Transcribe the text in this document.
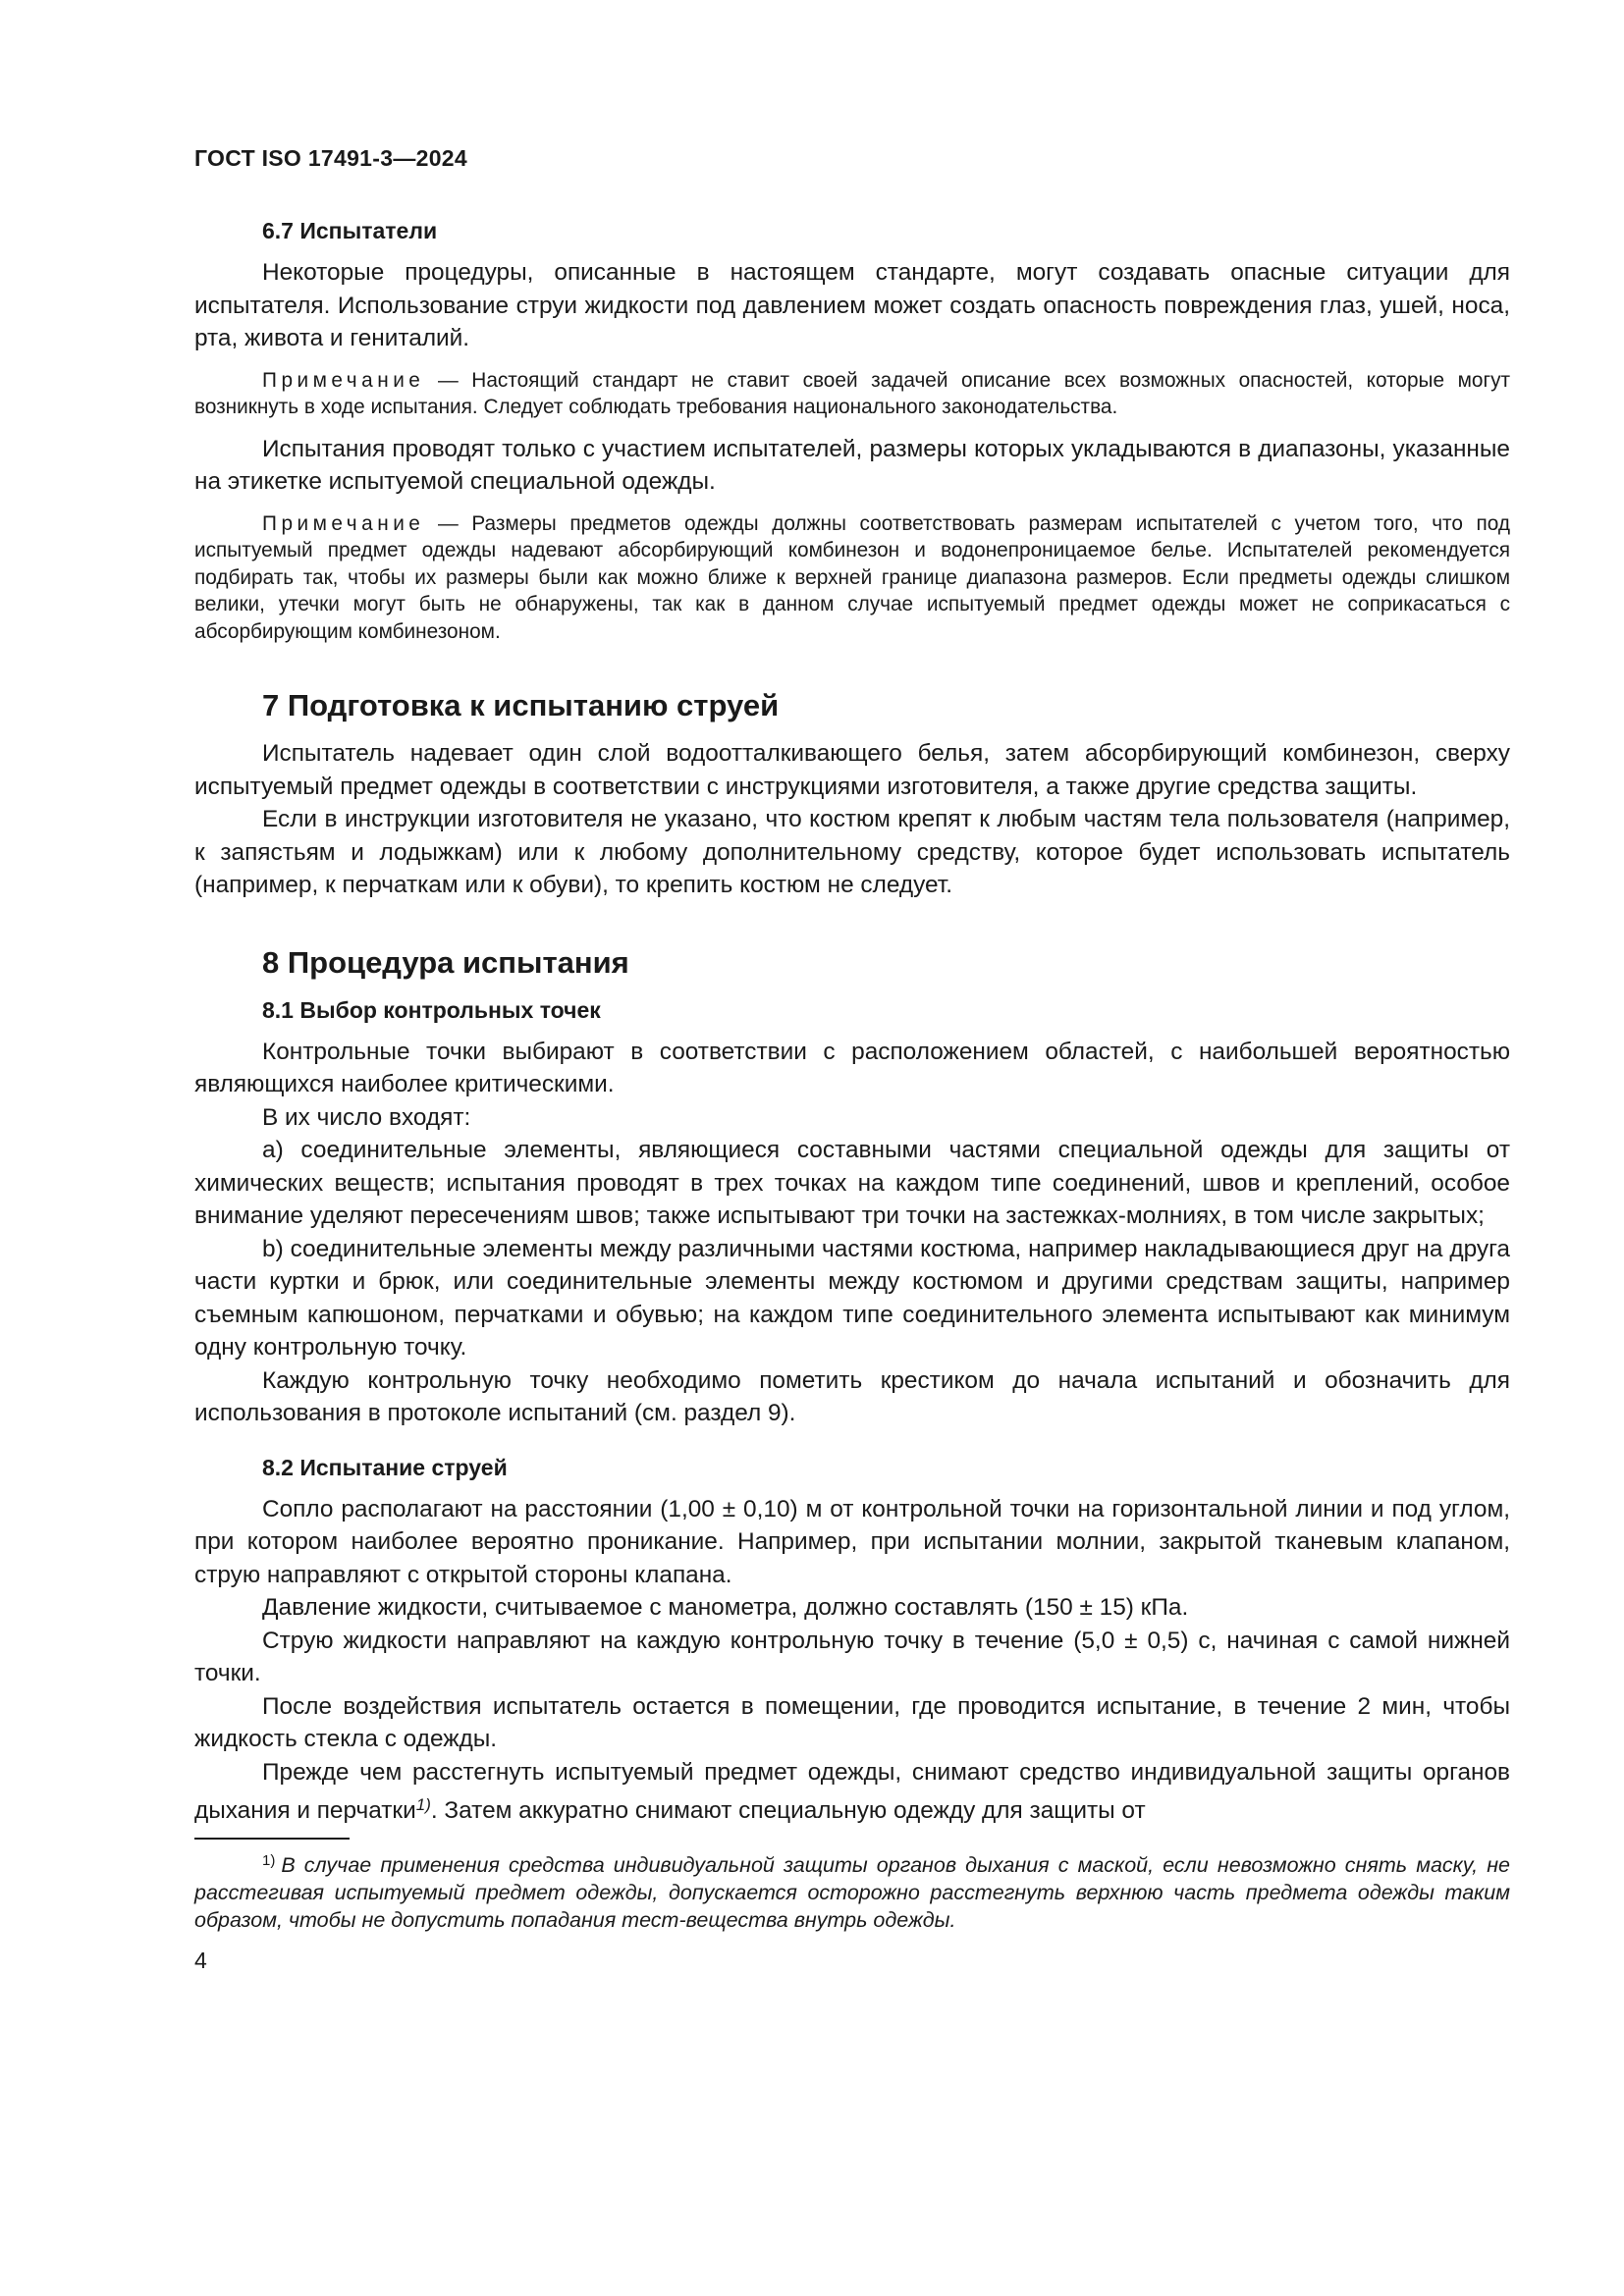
ГОСТ ISO 17491-3—2024
6.7 Испытатели

Некоторые процедуры, описанные в настоящем стандарте, могут создавать опасные ситуации для испытателя. Использование струи жидкости под давлением может создать опасность повреждения глаз, ушей, носа, рта, живота и гениталий.

Примечание — Настоящий стандарт не ставит своей задачей описание всех возможных опасностей, которые могут возникнуть в ходе испытания. Следует соблюдать требования национального законодательства.

Испытания проводят только с участием испытателей, размеры которых укладываются в диапазоны, указанные на этикетке испытуемой специальной одежды.

Примечание — Размеры предметов одежды должны соответствовать размерам испытателей с учетом того, что под испытуемый предмет одежды надевают абсорбирующий комбинезон и водонепроницаемое белье. Испытателей рекомендуется подбирать так, чтобы их размеры были как можно ближе к верхней границе диапазона размеров. Если предметы одежды слишком велики, утечки могут быть не обнаружены, так как в данном случае испытуемый предмет одежды может не соприкасаться с абсорбирующим комбинезоном.

7 Подготовка к испытанию струей

Испытатель надевает один слой водоотталкивающего белья, затем абсорбирующий комбинезон, сверху испытуемый предмет одежды в соответствии с инструкциями изготовителя, а также другие средства защиты.

Если в инструкции изготовителя не указано, что костюм крепят к любым частям тела пользователя (например, к запястьям и лодыжкам) или к любому дополнительному средству, которое будет использовать испытатель (например, к перчаткам или к обуви), то крепить костюм не следует.

8 Процедура испытания
8.1 Выбор контрольных точек

Контрольные точки выбирают в соответствии с расположением областей, с наибольшей вероятностью являющихся наиболее критическими.

В их число входят:

a) соединительные элементы, являющиеся составными частями специальной одежды для защиты от химических веществ; испытания проводят в трех точках на каждом типе соединений, швов и креплений, особое внимание уделяют пересечениям швов; также испытывают три точки на застежках-молниях, в том числе закрытых;

b) соединительные элементы между различными частями костюма, например накладывающиеся друг на друга части куртки и брюк, или соединительные элементы между костюмом и другими средствам защиты, например съемным капюшоном, перчатками и обувью; на каждом типе соединительного элемента испытывают как минимум одну контрольную точку.

Каждую контрольную точку необходимо пометить крестиком до начала испытаний и обозначить для использования в протоколе испытаний (см. раздел 9).

8.2 Испытание струей

Сопло располагают на расстоянии (1,00 ± 0,10) м от контрольной точки на горизонтальной линии и под углом, при котором наиболее вероятно проникание. Например, при испытании молнии, закрытой тканевым клапаном, струю направляют с открытой стороны клапана.

Давление жидкости, считываемое с манометра, должно составлять (150 ± 15) кПа.

Струю жидкости направляют на каждую контрольную точку в течение (5,0 ± 0,5) с, начиная с самой нижней точки.

После воздействия испытатель остается в помещении, где проводится испытание, в течение 2 мин, чтобы жидкость стекла с одежды.

Прежде чем расстегнуть испытуемый предмет одежды, снимают средство индивидуальной защиты органов дыхания и перчатки$^{1)}$. Затем аккуратно снимают специальную одежду для защиты от

$^{1)}$ В случае применения средства индивидуальной защиты органов дыхания с маской, если невозможно снять маску, не расстегивая испытуемый предмет одежды, допускается осторожно расстегнуть верхнюю часть предмета одежды таким образом, чтобы не допустить попадания тест-вещества внутрь одежды.

4
